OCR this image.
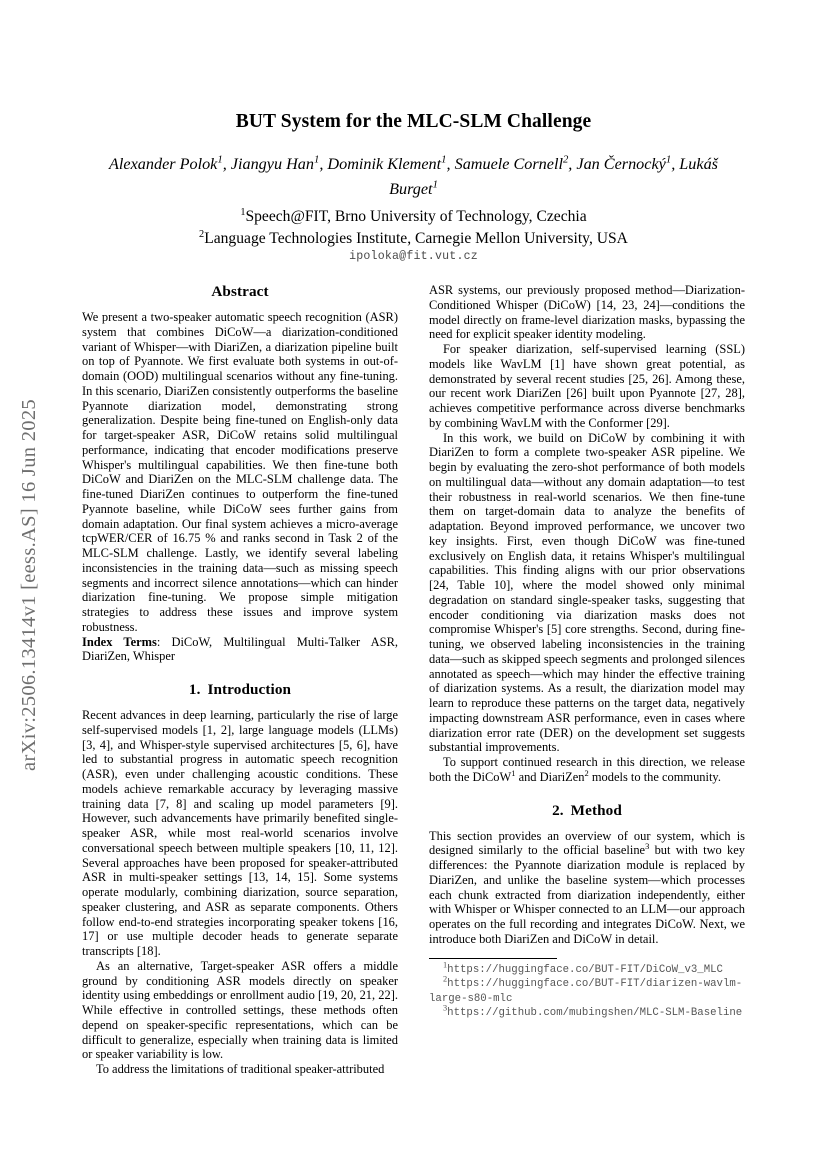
arXiv:2506.13414v1 [eess.AS] 16 Jun 2025
BUT System for the MLC-SLM Challenge
Alexander Polok$^1$, Jiangyu Han$^1$, Dominik Klement$^1$, Samuele Cornell$^2$, Jan Černocký$^1$, Lukáš
Burget$^1$
$^1$Speech@FIT, Brno University of Technology, Czechia
$^2$Language Technologies Institute, Carnegie Mellon University, USA
ipoloka@fit.vut.cz
Abstract

We present a two-speaker automatic speech recognition (ASR) system that combines DiCoW—a diarization-conditioned variant of Whisper—with DiariZen, a diarization pipeline built on top of Pyannote. We first evaluate both systems in out-of-domain (OOD) multilingual scenarios without any fine-tuning. In this scenario, DiariZen consistently outperforms the baseline Pyannote diarization model, demonstrating strong generalization. Despite being fine-tuned on English-only data for target-speaker ASR, DiCoW retains solid multilingual performance, indicating that encoder modifications preserve Whisper's multilingual capabilities. We then fine-tune both DiCoW and DiariZen on the MLC-SLM challenge data. The fine-tuned DiariZen continues to outperform the fine-tuned Pyannote baseline, while DiCoW sees further gains from domain adaptation. Our final system achieves a micro-average tcpWER/CER of 16.75 % and ranks second in Task 2 of the MLC-SLM challenge. Lastly, we identify several labeling inconsistencies in the training data—such as missing speech segments and incorrect silence annotations—which can hinder diarization fine-tuning. We propose simple mitigation strategies to address these issues and improve system robustness.

Index Terms: DiCoW, Multilingual Multi-Talker ASR, DiariZen, Whisper

1. Introduction

Recent advances in deep learning, particularly the rise of large self-supervised models [1, 2], large language models (LLMs) [3, 4], and Whisper-style supervised architectures [5, 6], have led to substantial progress in automatic speech recognition (ASR), even under challenging acoustic conditions. These models achieve remarkable accuracy by leveraging massive training data [7, 8] and scaling up model parameters [9]. However, such advancements have primarily benefited single-speaker ASR, while most real-world scenarios involve conversational speech between multiple speakers [10, 11, 12]. Several approaches have been proposed for speaker-attributed ASR in multi-speaker settings [13, 14, 15]. Some systems operate modularly, combining diarization, source separation, speaker clustering, and ASR as separate components. Others follow end-to-end strategies incorporating speaker tokens [16, 17] or use multiple decoder heads to generate separate transcripts [18].

As an alternative, Target-speaker ASR offers a middle ground by conditioning ASR models directly on speaker identity using embeddings or enrollment audio [19, 20, 21, 22]. While effective in controlled settings, these methods often depend on speaker-specific representations, which can be difficult to generalize, especially when training data is limited or speaker variability is low.

To address the limitations of traditional speaker-attributed

ASR systems, our previously proposed method—Diarization-Conditioned Whisper (DiCoW) [14, 23, 24]—conditions the model directly on frame-level diarization masks, bypassing the need for explicit speaker identity modeling.

For speaker diarization, self-supervised learning (SSL) models like WavLM [1] have shown great potential, as demonstrated by several recent studies [25, 26]. Among these, our recent work DiariZen [26] built upon Pyannote [27, 28], achieves competitive performance across diverse benchmarks by combining WavLM with the Conformer [29].

In this work, we build on DiCoW by combining it with DiariZen to form a complete two-speaker ASR pipeline. We begin by evaluating the zero-shot performance of both models on multilingual data—without any domain adaptation—to test their robustness in real-world scenarios. We then fine-tune them on target-domain data to analyze the benefits of adaptation. Beyond improved performance, we uncover two key insights. First, even though DiCoW was fine-tuned exclusively on English data, it retains Whisper's multilingual capabilities. This finding aligns with our prior observations [24, Table 10], where the model showed only minimal degradation on standard single-speaker tasks, suggesting that encoder conditioning via diarization masks does not compromise Whisper's [5] core strengths. Second, during fine-tuning, we observed labeling inconsistencies in the training data—such as skipped speech segments and prolonged silences annotated as speech—which may hinder the effective training of diarization systems. As a result, the diarization model may learn to reproduce these patterns on the target data, negatively impacting downstream ASR performance, even in cases where diarization error rate (DER) on the development set suggests substantial improvements.

To support continued research in this direction, we release both the DiCoW$^1$ and DiariZen$^2$ models to the community.

2. Method

This section provides an overview of our system, which is designed similarly to the official baseline$^3$ but with two key differences: the Pyannote diarization module is replaced by DiariZen, and unlike the baseline system—which processes each chunk extracted from diarization independently, either with Whisper or Whisper connected to an LLM—our approach operates on the full recording and integrates DiCoW. Next, we introduce both DiariZen and DiCoW in detail.

$^1$https://huggingface.co/BUT-FIT/DiCoW_v3_MLC

$^2$https://huggingface.co/BUT-FIT/diarizen-wavlm-large-s80-mlc

$^3$https://github.com/mubingshen/MLC-SLM-Baseline
